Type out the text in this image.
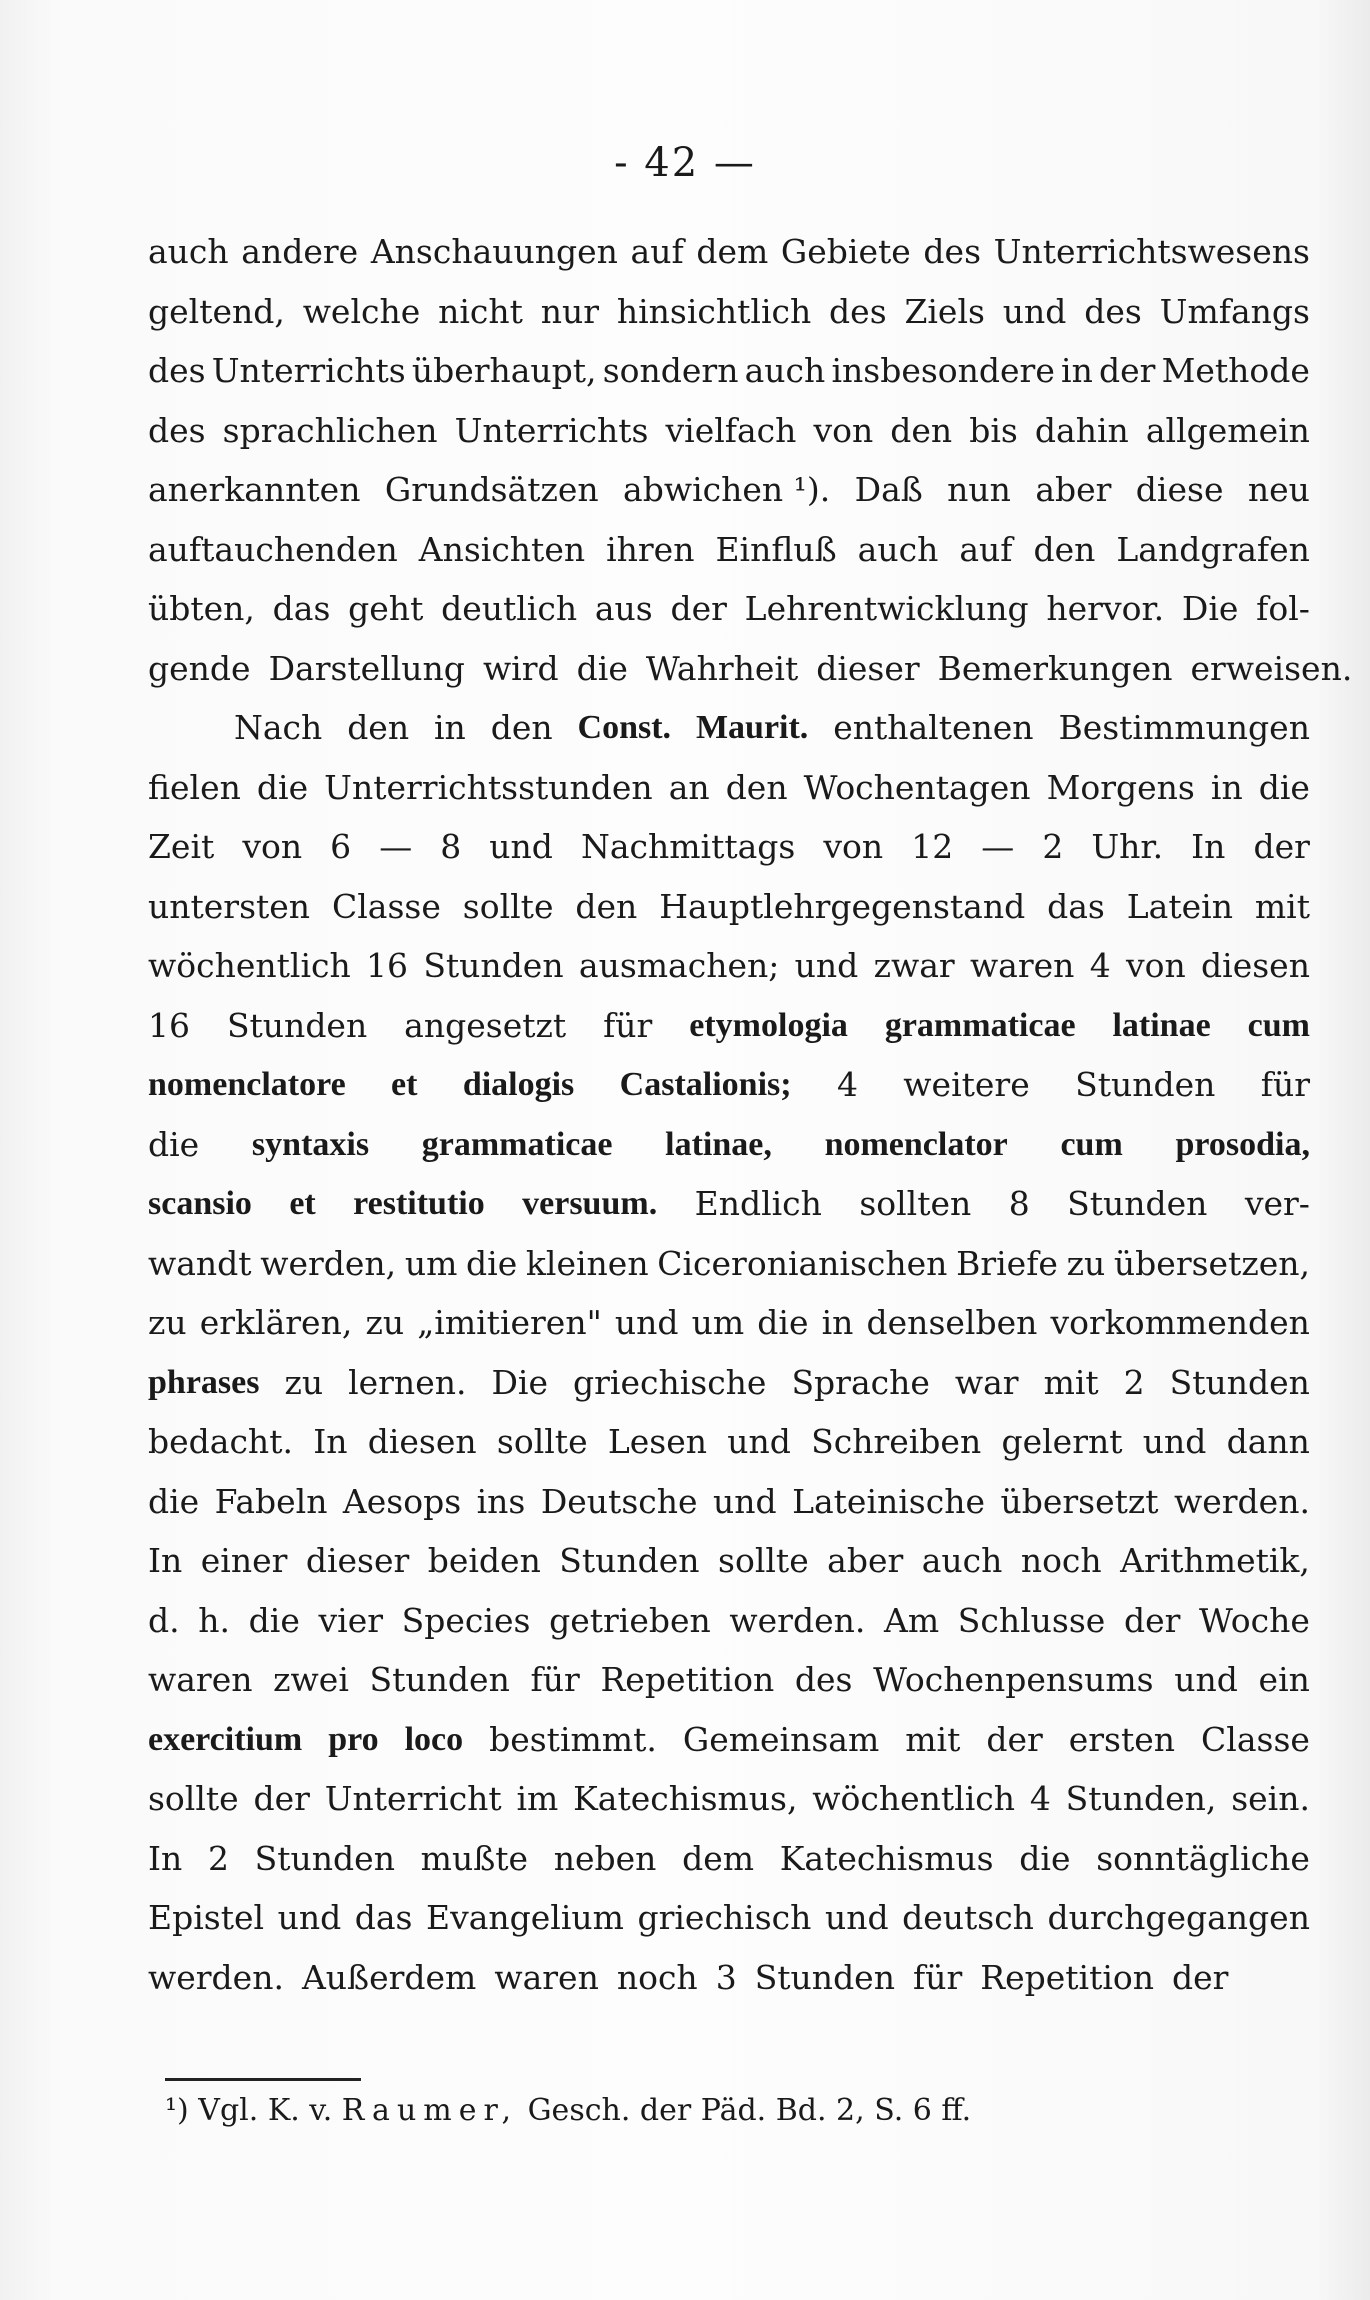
- 42 —
auch andere Anschauungen auf dem Gebiete des Unterrichtswesens
geltend, welche nicht nur hinsichtlich des Ziels und des Umfangs
des Unterrichts überhaupt, sondern auch insbesondere in der Methode
des sprachlichen Unterrichts vielfach von den bis dahin allgemein
anerkannten Grundsätzen abwichen ¹). Daß nun aber diese neu
auftauchenden Ansichten ihren Einfluß auch auf den Landgrafen
übten, das geht deutlich aus der Lehrentwicklung hervor. Die fol-
gende Darstellung wird die Wahrheit dieser Bemerkungen erweisen.
Nach den in den Const. Maurit. enthaltenen Bestimmungen
fielen die Unterrichtsstunden an den Wochentagen Morgens in die
Zeit von 6 — 8 und Nachmittags von 12 — 2 Uhr. In der
untersten Classe sollte den Hauptlehrgegenstand das Latein mit
wöchentlich 16 Stunden ausmachen; und zwar waren 4 von diesen
16 Stunden angesetzt für etymologia grammaticae latinae cum
nomenclatore et dialogis Castalionis; 4 weitere Stunden für
die syntaxis grammaticae latinae, nomenclator cum prosodia,
scansio et restitutio versuum. Endlich sollten 8 Stunden ver-
wandt werden, um die kleinen Ciceronianischen Briefe zu übersetzen,
zu erklären, zu „imitieren" und um die in denselben vorkommenden
phrases zu lernen. Die griechische Sprache war mit 2 Stunden
bedacht. In diesen sollte Lesen und Schreiben gelernt und dann
die Fabeln Aesops ins Deutsche und Lateinische übersetzt werden.
In einer dieser beiden Stunden sollte aber auch noch Arithmetik,
d. h. die vier Species getrieben werden. Am Schlusse der Woche
waren zwei Stunden für Repetition des Wochenpensums und ein
exercitium pro loco bestimmt. Gemeinsam mit der ersten Classe
sollte der Unterricht im Katechismus, wöchentlich 4 Stunden, sein.
In 2 Stunden mußte neben dem Katechismus die sonntägliche
Epistel und das Evangelium griechisch und deutsch durchgegangen
werden. Außerdem waren noch 3 Stunden für Repetition der
¹) Vgl. K. v. Raumer, Gesch. der Päd. Bd. 2, S. 6 ff.
